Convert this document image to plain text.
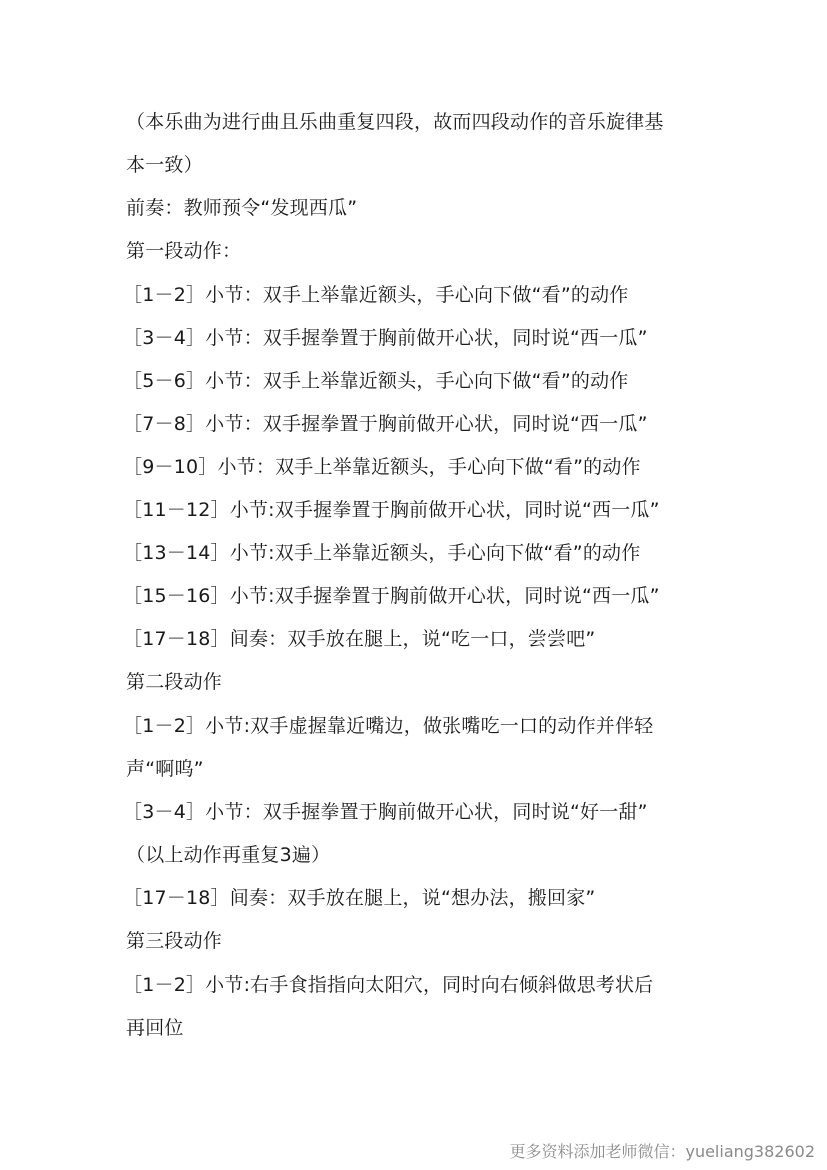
（本乐曲为进行曲且乐曲重复四段，故而四段动作的音乐旋律基
本一致）
前奏：教师预令“发现西瓜”
第一段动作：
［1－2］小节：双手上举靠近额头，手心向下做“看”的动作
［3－4］小节：双手握拳置于胸前做开心状，同时说“西一瓜”
［5－6］小节：双手上举靠近额头，手心向下做“看”的动作
［7－8］小节：双手握拳置于胸前做开心状，同时说“西一瓜”
［9－10］小节：双手上举靠近额头，手心向下做“看”的动作
［11－12］小节:双手握拳置于胸前做开心状，同时说“西一瓜”
［13－14］小节:双手上举靠近额头，手心向下做“看”的动作
［15－16］小节:双手握拳置于胸前做开心状，同时说“西一瓜”
［17－18］间奏：双手放在腿上，说“吃一口，尝尝吧”
第二段动作
［1－2］小节:双手虚握靠近嘴边，做张嘴吃一口的动作并伴轻
声“啊呜”
［3－4］小节：双手握拳置于胸前做开心状，同时说“好一甜”
（以上动作再重复3遍）
［17－18］间奏：双手放在腿上，说“想办法，搬回家”
第三段动作
［1－2］小节:右手食指指向太阳穴，同时向右倾斜做思考状后
再回位
更多资料添加老师微信：yueliang382602
